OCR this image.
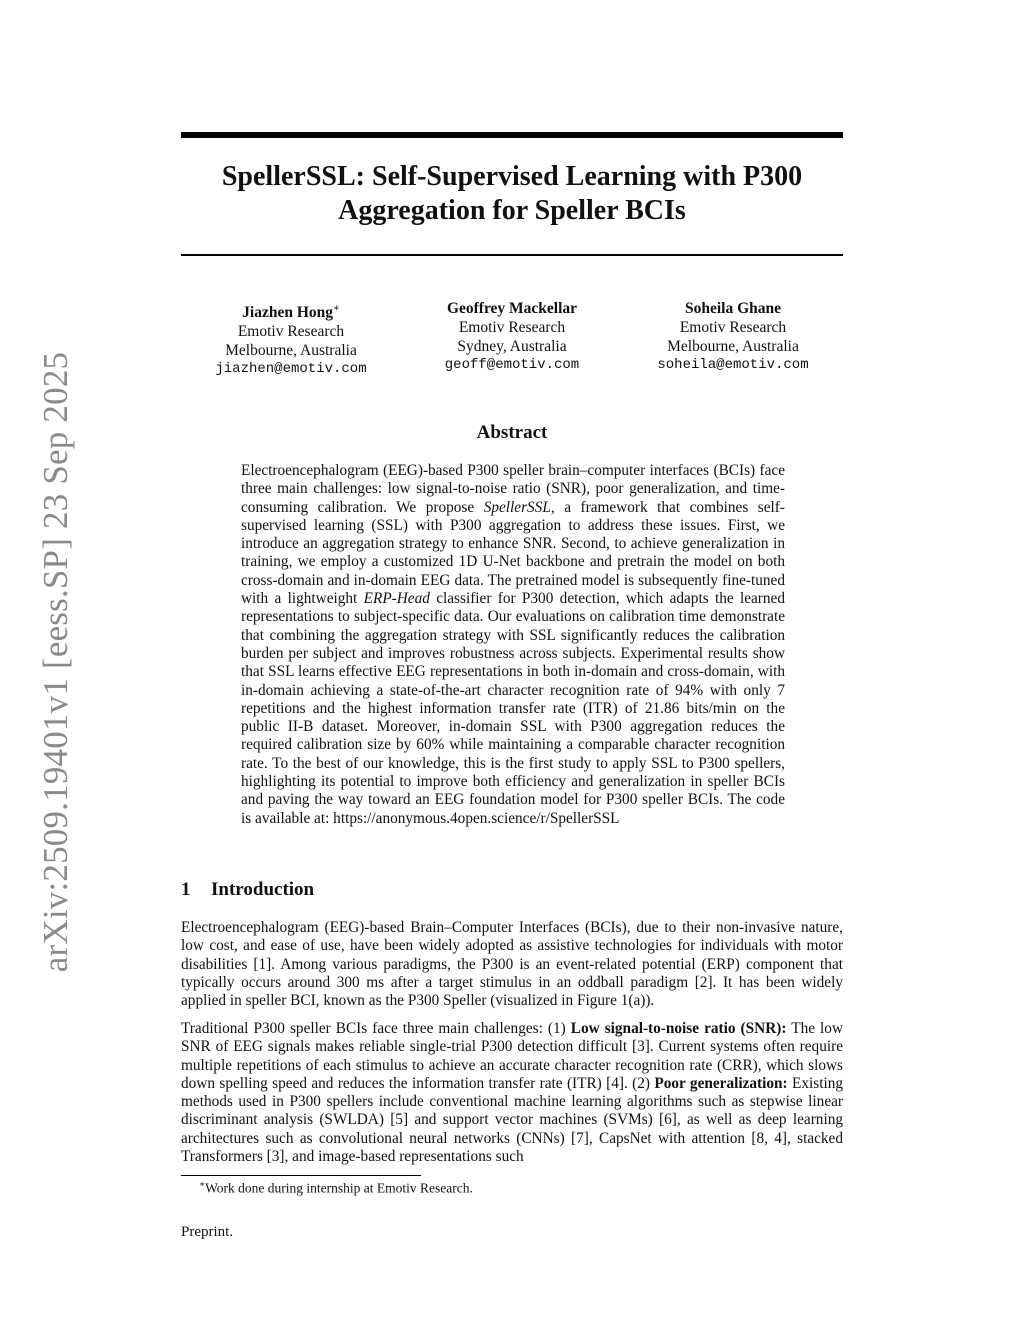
arXiv:2509.19401v1 [eess.SP] 23 Sep 2025
SpellerSSL: Self-Supervised Learning with P300 Aggregation for Speller BCIs
Jiazhen Hong∗
Emotiv Research
Melbourne, Australia
jiazhen@emotiv.com
Geoffrey Mackellar
Emotiv Research
Sydney, Australia
geoff@emotiv.com
Soheila Ghane
Emotiv Research
Melbourne, Australia
soheila@emotiv.com
Abstract
Electroencephalogram (EEG)-based P300 speller brain–computer interfaces (BCIs) face three main challenges: low signal-to-noise ratio (SNR), poor generalization, and time-consuming calibration. We propose SpellerSSL, a framework that combines self-supervised learning (SSL) with P300 aggregation to address these issues. First, we introduce an aggregation strategy to enhance SNR. Second, to achieve generalization in training, we employ a customized 1D U-Net backbone and pretrain the model on both cross-domain and in-domain EEG data. The pretrained model is subsequently fine-tuned with a lightweight ERP-Head classifier for P300 detection, which adapts the learned representations to subject-specific data. Our evaluations on calibration time demonstrate that combining the aggregation strategy with SSL significantly reduces the calibration burden per subject and improves robustness across subjects. Experimental results show that SSL learns effective EEG representations in both in-domain and cross-domain, with in-domain achieving a state-of-the-art character recognition rate of 94% with only 7 repetitions and the highest information transfer rate (ITR) of 21.86 bits/min on the public II-B dataset. Moreover, in-domain SSL with P300 aggregation reduces the required calibration size by 60% while maintaining a comparable character recognition rate. To the best of our knowledge, this is the first study to apply SSL to P300 spellers, highlighting its potential to improve both efficiency and generalization in speller BCIs and paving the way toward an EEG foundation model for P300 speller BCIs. The code is available at: https://anonymous.4open.science/r/SpellerSSL
1 Introduction

Electroencephalogram (EEG)-based Brain–Computer Interfaces (BCIs), due to their non-invasive nature, low cost, and ease of use, have been widely adopted as assistive technologies for individuals with motor disabilities [1]. Among various paradigms, the P300 is an event-related potential (ERP) component that typically occurs around 300 ms after a target stimulus in an oddball paradigm [2]. It has been widely applied in speller BCI, known as the P300 Speller (visualized in Figure 1(a)).

Traditional P300 speller BCIs face three main challenges: (1) Low signal-to-noise ratio (SNR): The low SNR of EEG signals makes reliable single-trial P300 detection difficult [3]. Current systems often require multiple repetitions of each stimulus to achieve an accurate character recognition rate (CRR), which slows down spelling speed and reduces the information transfer rate (ITR) [4]. (2) Poor generalization: Existing methods used in P300 spellers include conventional machine learning algorithms such as stepwise linear discriminant analysis (SWLDA) [5] and support vector machines (SVMs) [6], as well as deep learning architectures such as convolutional neural networks (CNNs) [7], CapsNet with attention [8, 4], stacked Transformers [3], and image-based representations such

∗Work done during internship at Emotiv Research.
Preprint.
